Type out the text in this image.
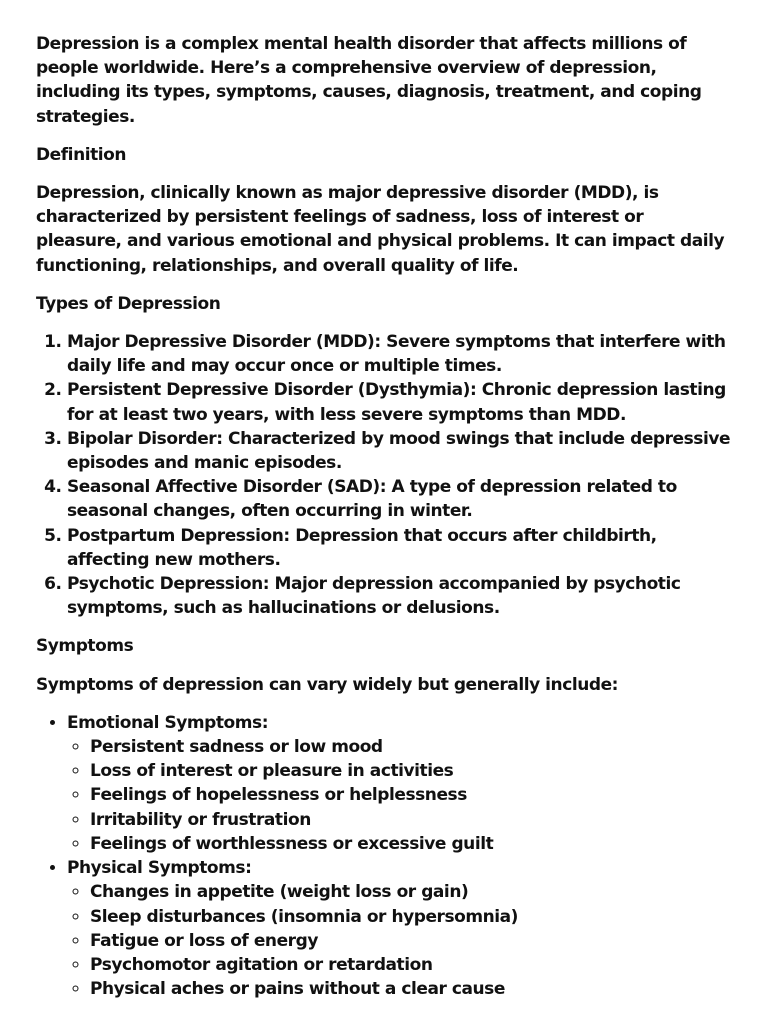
Depression is a complex mental health disorder that affects millions of people worldwide. Here’s a comprehensive overview of depression, including its types, symptoms, causes, diagnosis, treatment, and coping strategies.

Definition

Depression, clinically known as major depressive disorder (MDD), is characterized by persistent feelings of sadness, loss of interest or pleasure, and various emotional and physical problems. It can impact daily functioning, relationships, and overall quality of life.

Types of Depression

1. Major Depressive Disorder (MDD): Severe symptoms that interfere with daily life and may occur once or multiple times.
2. Persistent Depressive Disorder (Dysthymia): Chronic depression lasting for at least two years, with less severe symptoms than MDD.
3. Bipolar Disorder: Characterized by mood swings that include depressive episodes and manic episodes.
4. Seasonal Affective Disorder (SAD): A type of depression related to seasonal changes, often occurring in winter.
5. Postpartum Depression: Depression that occurs after childbirth, affecting new mothers.
6. Psychotic Depression: Major depression accompanied by psychotic symptoms, such as hallucinations or delusions.

Symptoms

Symptoms of depression can vary widely but generally include:

• Emotional Symptoms:
◦ Persistent sadness or low mood
◦ Loss of interest or pleasure in activities
◦ Feelings of hopelessness or helplessness
◦ Irritability or frustration
◦ Feelings of worthlessness or excessive guilt
• Physical Symptoms:
◦ Changes in appetite (weight loss or gain)
◦ Sleep disturbances (insomnia or hypersomnia)
◦ Fatigue or loss of energy
◦ Psychomotor agitation or retardation
◦ Physical aches or pains without a clear cause
